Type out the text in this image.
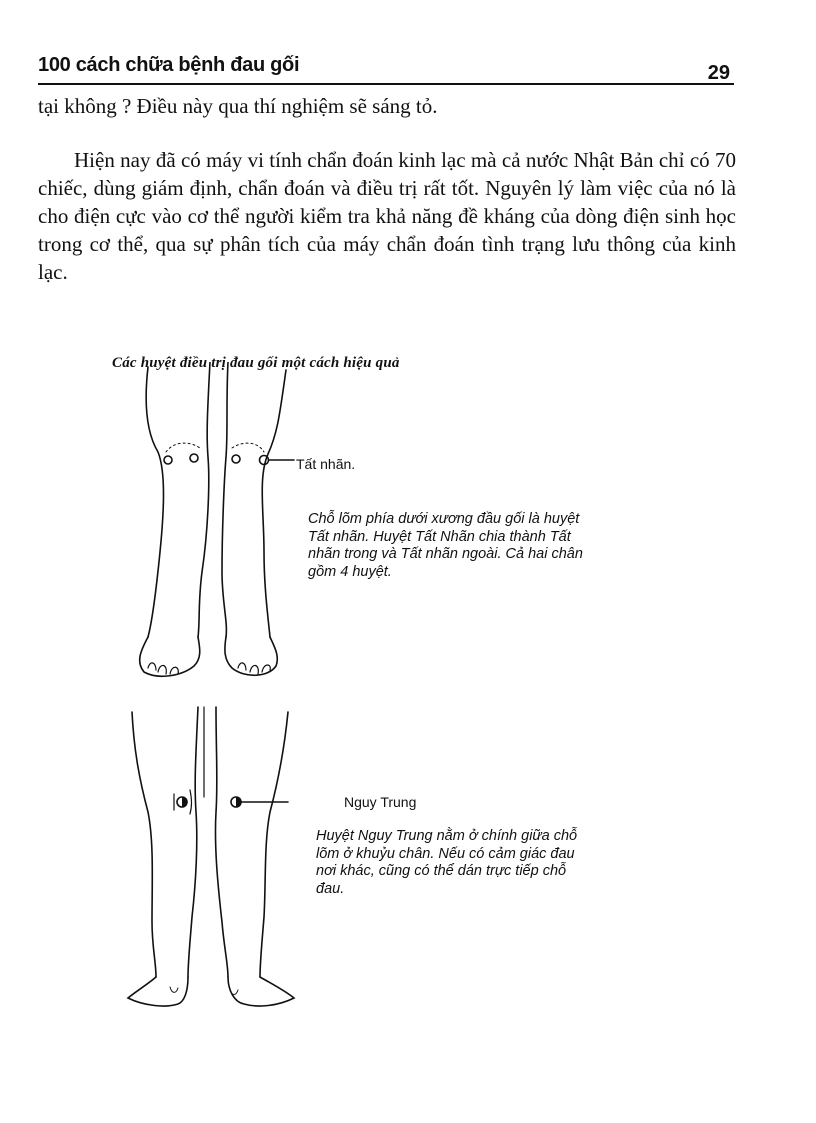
100 cách chữa bệnh đau gối	29

tại không ? Điều này qua thí nghiệm sẽ sáng tỏ.

Hiện nay đã có máy vi tính chẩn đoán kinh lạc mà cả nước Nhật Bản chỉ có 70 chiếc, dùng giám định, chẩn đoán và điều trị rất tốt. Nguyên lý làm việc của nó là cho điện cực vào cơ thể người kiểm tra khả năng đề kháng của dòng điện sinh học trong cơ thể, qua sự phân tích của máy chẩn đoán tình trạng lưu thông của kinh lạc.

Các huyệt điều trị đau gối một cách hiệu quả
Tất nhãn.

Chỗ lõm phía dưới xương đầu gối là huyệt Tất nhãn. Huyệt Tất Nhãn chia thành Tất nhãn trong và Tất nhãn ngoài. Cả hai chân gồm 4 huyệt.

Nguy Trung

Huyệt Nguy Trung nằm ở chính giữa chỗ lõm ở khuỷu chân. Nếu có cảm giác đau nơi khác, cũng có thể dán trực tiếp chỗ đau.
